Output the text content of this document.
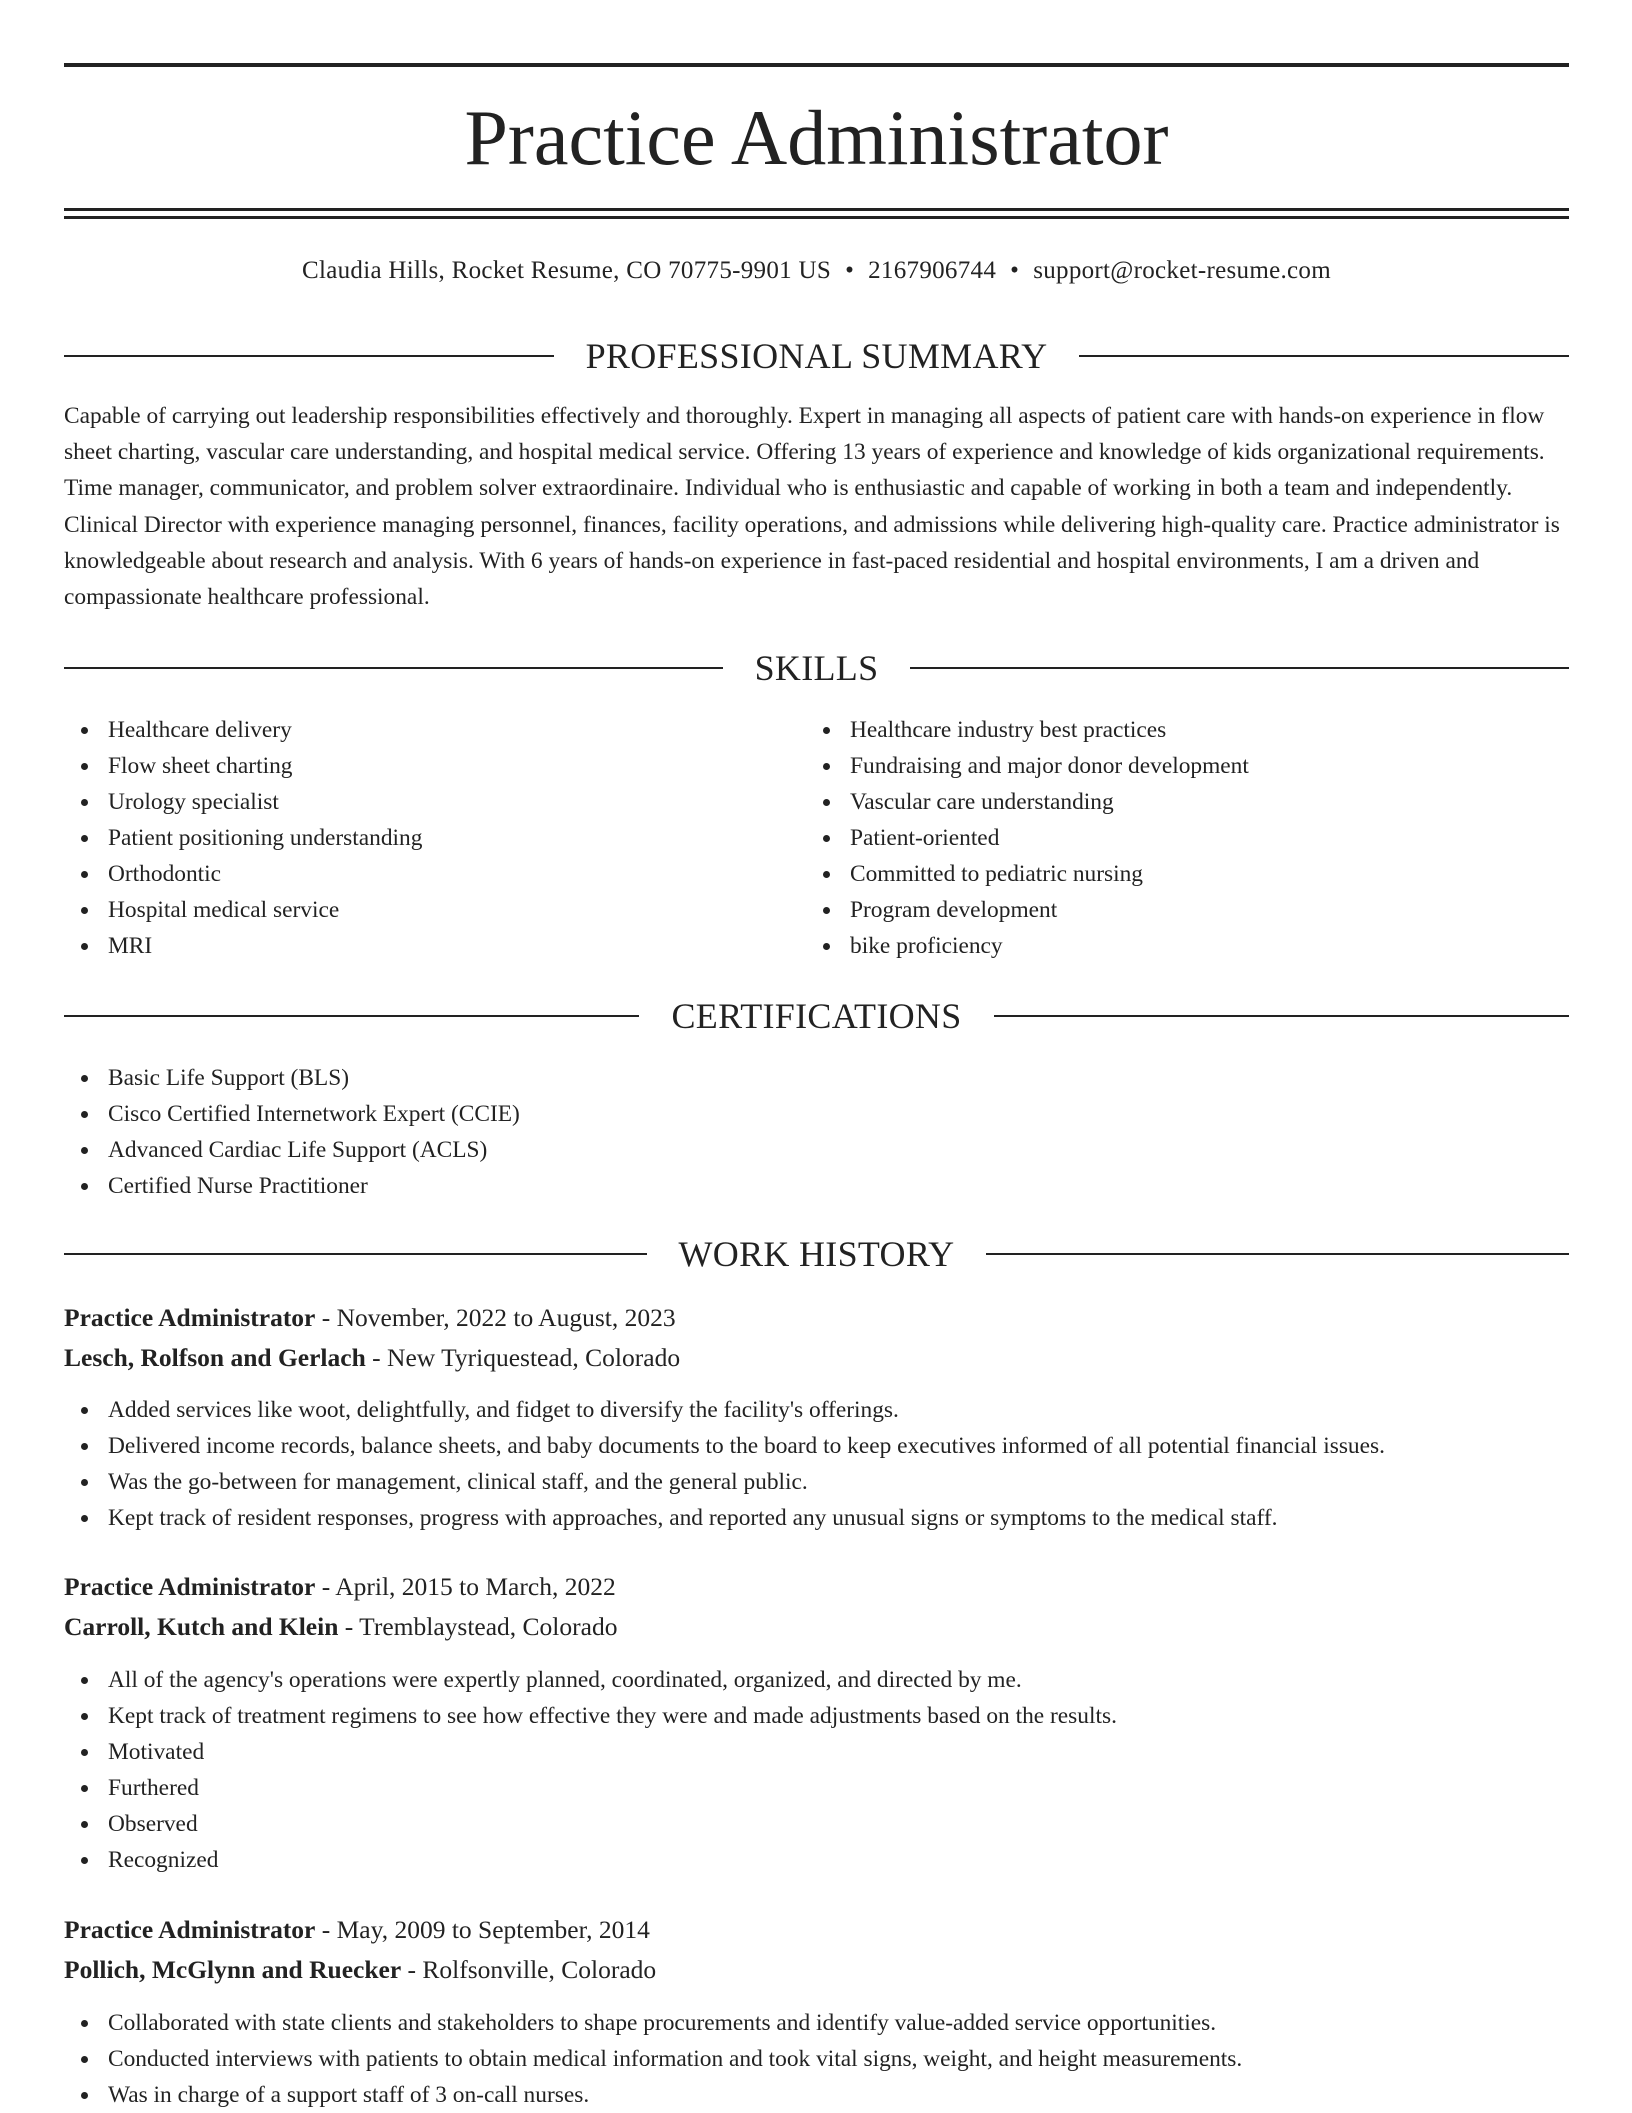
Practice Administrator
Claudia Hills, Rocket Resume, CO 70775-9901 US • 2167906744 • support@rocket-resume.com
PROFESSIONAL SUMMARY

Capable of carrying out leadership responsibilities effectively and thoroughly. Expert in managing all aspects of patient care with hands-on experience in flow sheet charting, vascular care understanding, and hospital medical service. Offering 13 years of experience and knowledge of kids organizational requirements. Time manager, communicator, and problem solver extraordinaire. Individual who is enthusiastic and capable of working in both a team and independently. Clinical Director with experience managing personnel, finances, facility operations, and admissions while delivering high-quality care. Practice administrator is knowledgeable about research and analysis. With 6 years of hands-on experience in fast-paced residential and hospital environments, I am a driven and compassionate healthcare professional.

SKILLS
Healthcare delivery
Flow sheet charting
Urology specialist
Patient positioning understanding
Orthodontic
Hospital medical service
MRI
Healthcare industry best practices
Fundraising and major donor development
Vascular care understanding
Patient-oriented
Committed to pediatric nursing
Program development
bike proficiency
CERTIFICATIONS
Basic Life Support (BLS)
Cisco Certified Internetwork Expert (CCIE)
Advanced Cardiac Life Support (ACLS)
Certified Nurse Practitioner
WORK HISTORY
Practice Administrator - November, 2022 to August, 2023
Lesch, Rolfson and Gerlach - New Tyriquestead, Colorado
Added services like woot, delightfully, and fidget to diversify the facility's offerings.
Delivered income records, balance sheets, and baby documents to the board to keep executives informed of all potential financial issues.
Was the go-between for management, clinical staff, and the general public.
Kept track of resident responses, progress with approaches, and reported any unusual signs or symptoms to the medical staff.
Practice Administrator - April, 2015 to March, 2022
Carroll, Kutch and Klein - Tremblaystead, Colorado
All of the agency's operations were expertly planned, coordinated, organized, and directed by me.
Kept track of treatment regimens to see how effective they were and made adjustments based on the results.
Motivated
Furthered
Observed
Recognized
Practice Administrator - May, 2009 to September, 2014
Pollich, McGlynn and Ruecker - Rolfsonville, Colorado
Collaborated with state clients and stakeholders to shape procurements and identify value-added service opportunities.
Conducted interviews with patients to obtain medical information and took vital signs, weight, and height measurements.
Was in charge of a support staff of 3 on-call nurses.
